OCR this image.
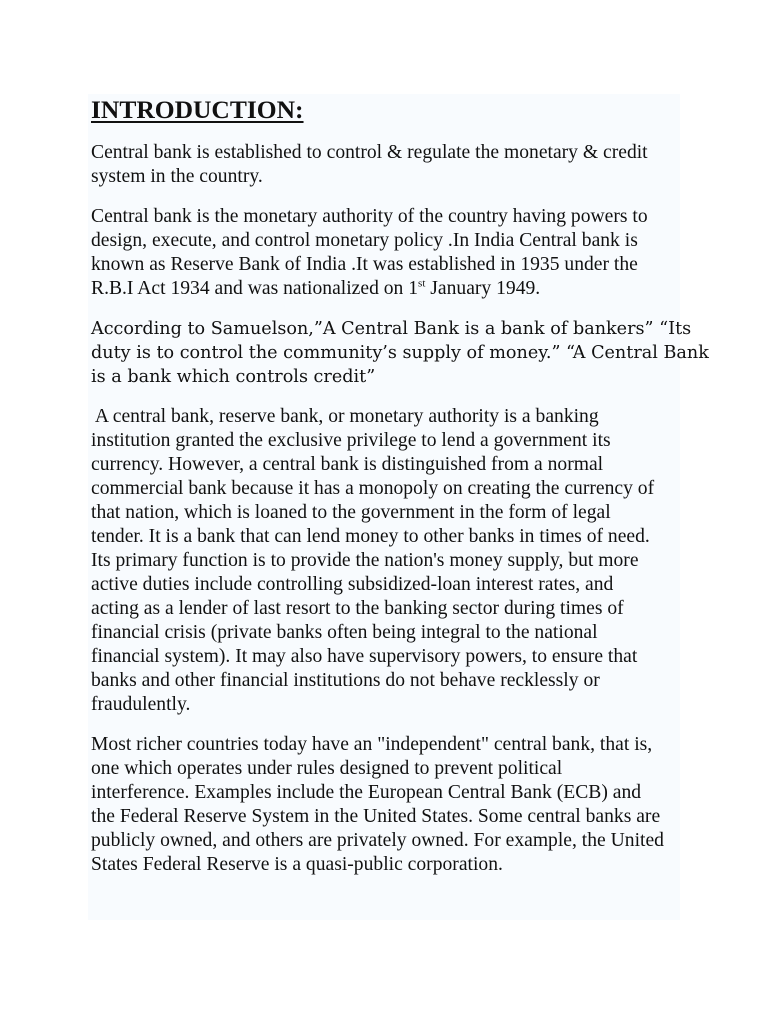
INTRODUCTION:

Central bank is established to control & regulate the monetary & credit
system in the country.

Central bank is the monetary authority of the country having powers to
design, execute, and control monetary policy .In India Central bank is
known as Reserve Bank of India .It was established in 1935 under the
R.B.I Act 1934 and was nationalized on 1st January 1949.

According to Samuelson,”A Central Bank is a bank of bankers” “Its
duty is to control the community’s supply of money.” “A Central Bank
is a bank which controls credit”

A central bank, reserve bank, or monetary authority is a banking
institution granted the exclusive privilege to lend a government its
currency. However, a central bank is distinguished from a normal
commercial bank because it has a monopoly on creating the currency of
that nation, which is loaned to the government in the form of legal
tender. It is a bank that can lend money to other banks in times of need.
Its primary function is to provide the nation's money supply, but more
active duties include controlling subsidized-loan interest rates, and
acting as a lender of last resort to the banking sector during times of
financial crisis (private banks often being integral to the national
financial system). It may also have supervisory powers, to ensure that
banks and other financial institutions do not behave recklessly or
fraudulently.

Most richer countries today have an "independent" central bank, that is,
one which operates under rules designed to prevent political
interference. Examples include the European Central Bank (ECB) and
the Federal Reserve System in the United States. Some central banks are
publicly owned, and others are privately owned. For example, the United
States Federal Reserve is a quasi-public corporation.
